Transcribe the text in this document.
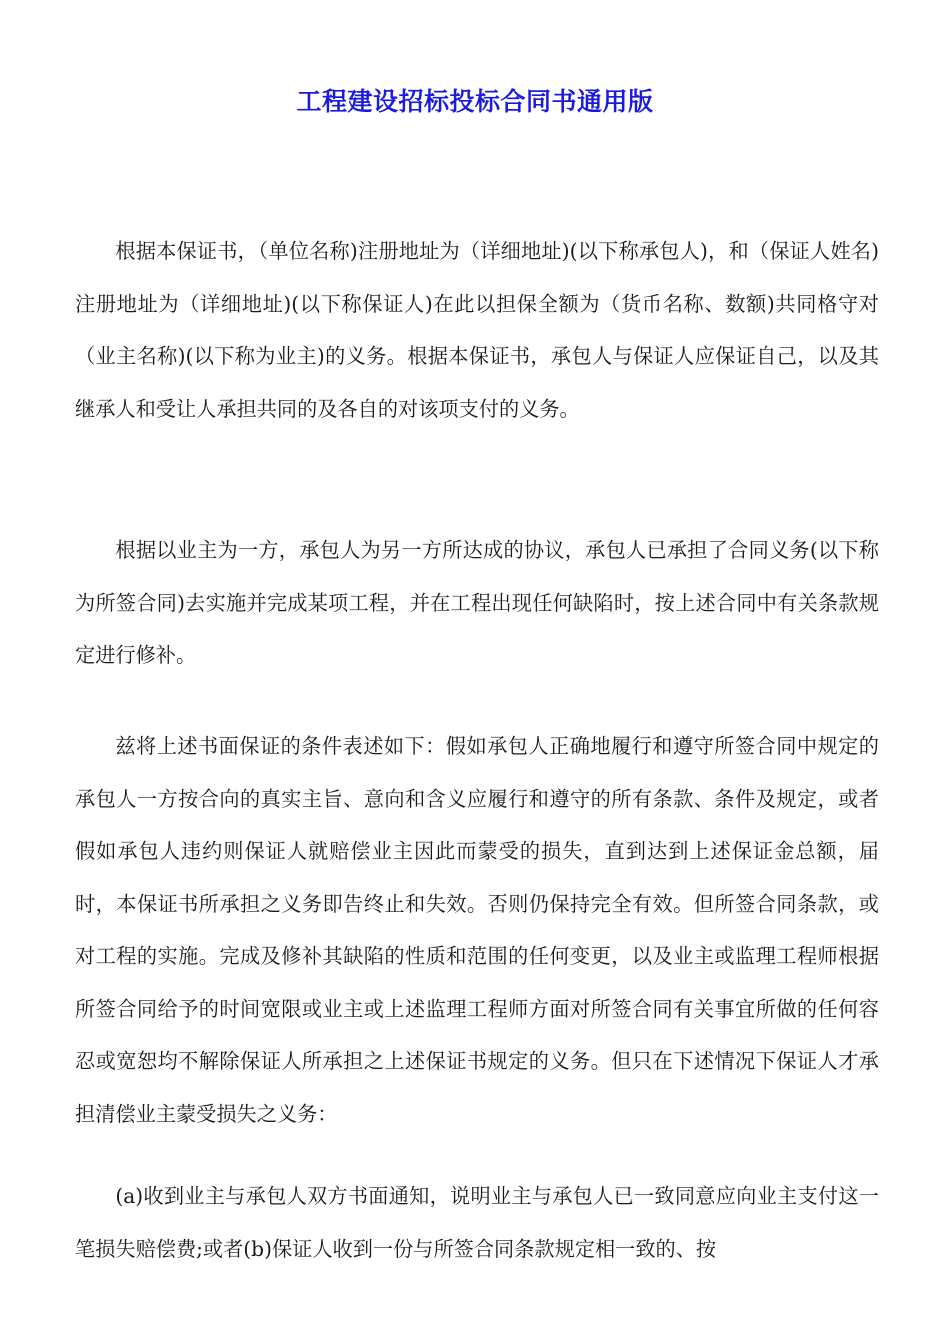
工程建设招标投标合同书通用版

根据本保证书，（单位名称)注册地址为（详细地址)(以下称承包人)，和（保证人姓名)注册地址为（详细地址)(以下称保证人)在此以担保全额为（货币名称、数额)共同格守对（业主名称)(以下称为业主)的义务。根据本保证书，承包人与保证人应保证自己，以及其继承人和受让人承担共同的及各自的对该项支付的义务。

根据以业主为一方，承包人为另一方所达成的协议，承包人已承担了合同义务(以下称为所签合同)去实施并完成某项工程，并在工程出现任何缺陷时，按上述合同中有关条款规定进行修补。

兹将上述书面保证的条件表述如下：假如承包人正确地履行和遵守所签合同中规定的承包人一方按合向的真实主旨、意向和含义应履行和遵守的所有条款、条件及规定，或者假如承包人违约则保证人就赔偿业主因此而蒙受的损失，直到达到上述保证金总额，届时，本保证书所承担之义务即告终止和失效。否则仍保持完全有效。但所签合同条款，或对工程的实施。完成及修补其缺陷的性质和范围的任何变更，以及业主或监理工程师根据所签合同给予的时间宽限或业主或上述监理工程师方面对所签合同有关事宜所做的任何容忍或宽恕均不解除保证人所承担之上述保证书规定的义务。但只在下述情况下保证人才承担清偿业主蒙受损失之义务：

(a)收到业主与承包人双方书面通知，说明业主与承包人已一致同意应向业主支付这一笔损失赔偿费;或者(b)保证人收到一份与所签合同条款规定相一致的、按
